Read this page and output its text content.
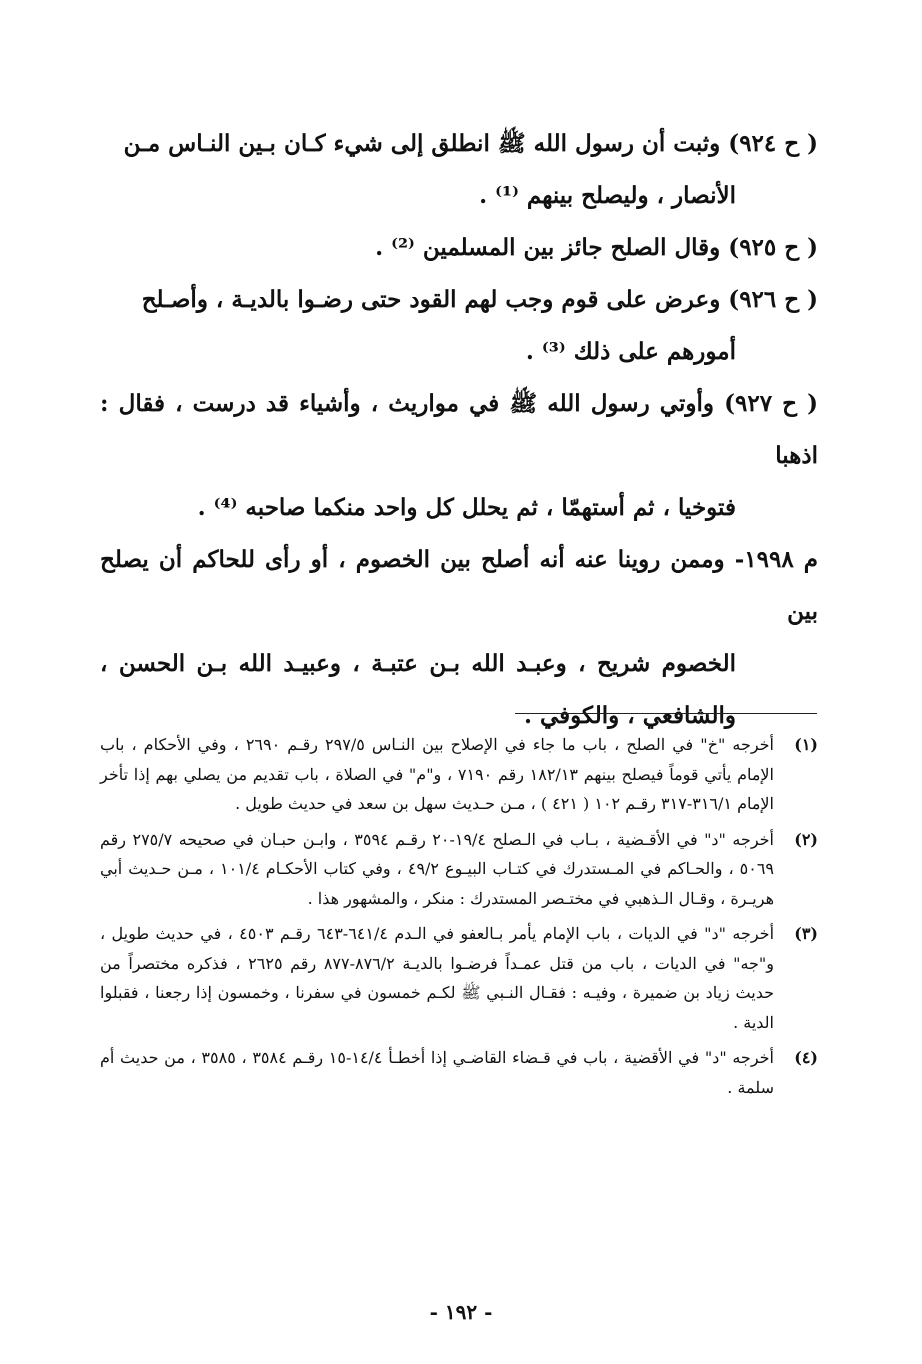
( ح ٩٢٤) وثبت أن رسول الله ﷺ انطلق إلى شيء كـان بـين النـاس مـن
الأنصار ، وليصلح بينهم ⁽¹⁾ .
( ح ٩٢٥) وقال الصلح جائز بين المسلمين ⁽²⁾ .
( ح ٩٢٦) وعرض على قوم وجب لهم القود حتى رضـوا بالديـة ، وأصـلح
أمورهم على ذلك ⁽³⁾ .
( ح ٩٢٧) وأوتي رسول الله ﷺ في مواريث ، وأشياء قد درست ، فقال : اذهبا
فتوخيا ، ثم أستهمّا ، ثم يحلل كل واحد منكما صاحبه ⁽⁴⁾ .
م ١٩٩٨- وممن روينا عنه أنه أصلح بين الخصوم ، أو رأى للحاكم أن يصلح بين
الخصوم شريح ، وعبـد الله بـن عتبـة ، وعبيـد الله بـن الحسن ، والشافعي ، والكوفي .
(١)
أخرجه "خ" في الصلح ، باب ما جاء في الإصلاح بين النـاس ٢٩٧/٥ رقـم ٢٦٩٠ ، وفي الأحكام ، باب الإمام يأتي قوماً فيصلح بينهم ١٨٢/١٣ رقم ٧١٩٠ ، و"م" في الصلاة ، باب تقديم من يصلي بهم إذا تأخر الإمام ٣١٦/١-٣١٧ رقـم ١٠٢ ( ٤٢١ ) ، مـن حـديث سهل بن سعد في حديث طويل .
(٢)
أخرجه "د" في الأقـضية ، بـاب في الـصلح ١٩/٤-٢٠ رقـم ٣٥٩٤ ، وابـن حبـان في صحيحه ٢٧٥/٧ رقم ٥٠٦٩ ، والحـاكم في المـستدرك في كتـاب البيـوع ٤٩/٢ ، وفي كتاب الأحكـام ١٠١/٤ ، مـن حـديث أبي هريـرة ، وقـال الـذهبي في مختـصر المستدرك : منكر ، والمشهور هذا .
(٣)
أخرجه "د" في الديات ، باب الإمام يأمر بـالعفو في الـدم ٦٤١/٤-٦٤٣ رقـم ٤٥٠٣ ، في حديث طويل ، و"جه" في الديات ، باب من قتل عمـداً فرضـوا بالديـة ٨٧٦/٢-٨٧٧ رقم ٢٦٢٥ ، فذكره مختصراً من حديث زياد بن ضميرة ، وفيـه : فقـال النـبي ﷺ لكـم خمسون في سفرنا ، وخمسون إذا رجعنا ، فقبلوا الدية .
(٤)
أخرجه "د" في الأقضية ، باب في قـضاء القاضـي إذا أخطـأ ١٤/٤-١٥ رقـم ٣٥٨٤ ، ٣٥٨٥ ، من حديث أم سلمة .
- ١٩٢ -
